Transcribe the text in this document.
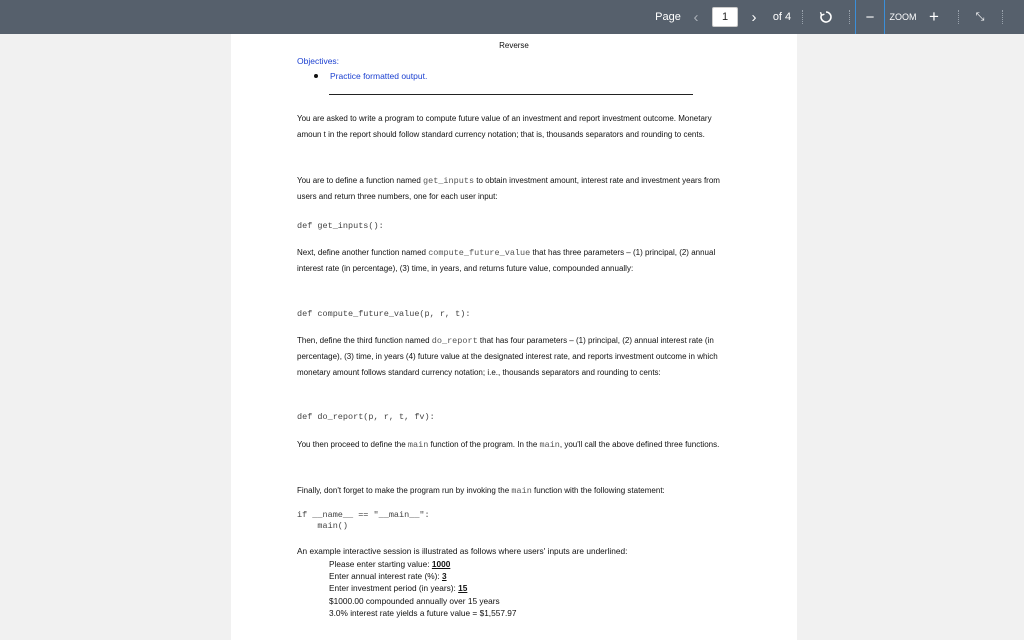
Page ‹
1	›	of 4	−	ZOOM +	⤡
Reverse
Objectives:
Practice formatted output.
You are asked to write a program to compute future value of an investment and report investment outcome. Monetary amoun t in the report should follow standard currency notation; that is, thousands separators and rounding to cents.
You are to define a function named get_inputs to obtain investment amount, interest rate and investment years from users and return three numbers, one for each user input:
def get_inputs():
Next, define another function named compute_future_value that has three parameters – (1) principal, (2) annual interest rate (in percentage), (3) time, in years, and returns future value, compounded annually:
def compute_future_value(p, r, t):
Then, define the third function named do_report that has four parameters – (1) principal, (2) annual interest rate (in percentage), (3) time, in years (4) future value at the designated interest rate, and reports investment outcome in which monetary amount follows standard currency notation; i.e., thousands separators and rounding to cents:
def do_report(p, r, t, fv):
You then proceed to define the main function of the program. In the main, you'll call the above defined three functions.
Finally, don't forget to make the program run by invoking the main function with the following statement:
if __name__ == "__main__":
main()
An example interactive session is illustrated as follows where users' inputs are underlined:
Please enter starting value: 1000
Enter annual interest rate (%): 3
Enter investment period (in years): 15
$1000.00 compounded annually over 15 years
3.0% interest rate yields a future value = $1,557.97
